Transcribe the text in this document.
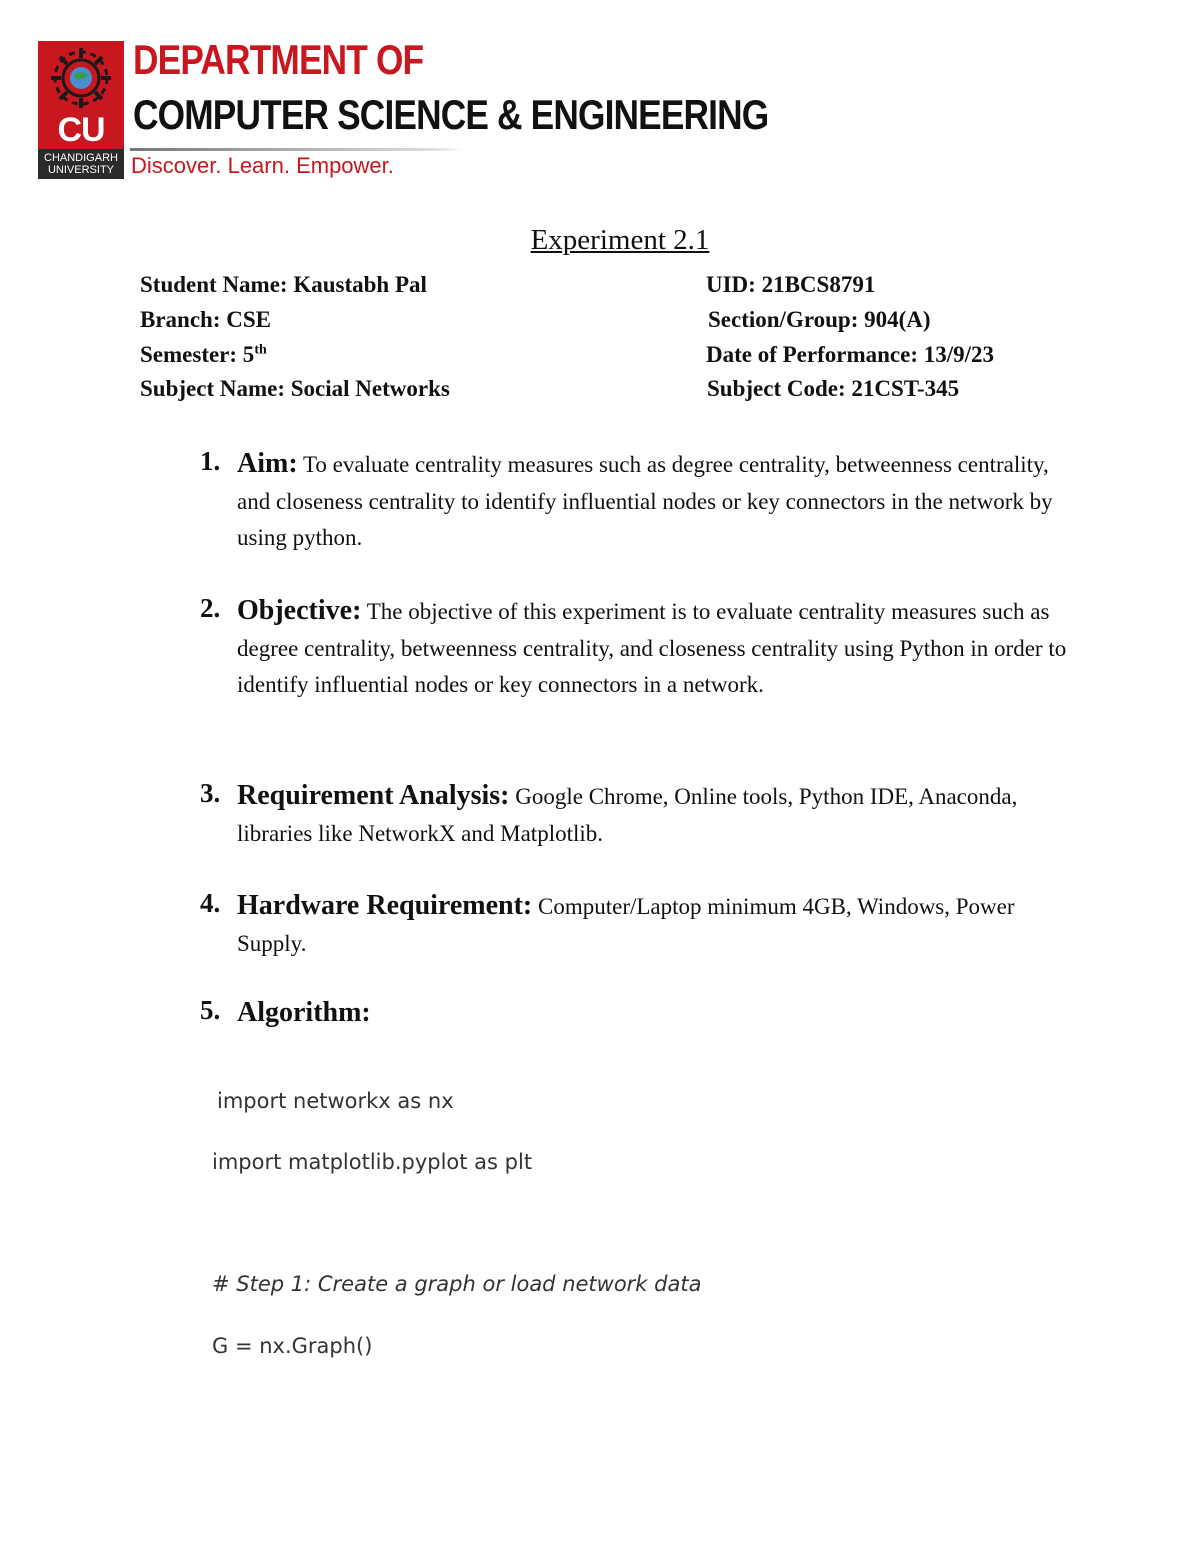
CU
CHANDIGARH
UNIVERSITY
DEPARTMENT OF
COMPUTER SCIENCE & ENGINEERING
Discover. Learn. Empower.
Experiment 2.1
Student Name: Kaustabh Pal	UID: 21BCS8791
Branch: CSE	Section/Group: 904(A)
Semester: 5th	Date of Performance: 13/9/23
Subject Name: Social Networks	Subject Code: 21CST-345
1. Aim: To evaluate centrality measures such as degree centrality, betweenness centrality, and closeness centrality to identify influential nodes or key connectors in the network by using python.
2. Objective: The objective of this experiment is to evaluate centrality measures such as degree centrality, betweenness centrality, and closeness centrality using Python in order to identify influential nodes or key connectors in a network.
3. Requirement Analysis: Google Chrome, Online tools, Python IDE, Anaconda, libraries like NetworkX and Matplotlib.
4. Hardware Requirement: Computer/Laptop minimum 4GB, Windows, Power Supply.
5. Algorithm:
import networkx as nx
import matplotlib.pyplot as plt
# Step 1: Create a graph or load network data
G = nx.Graph()
